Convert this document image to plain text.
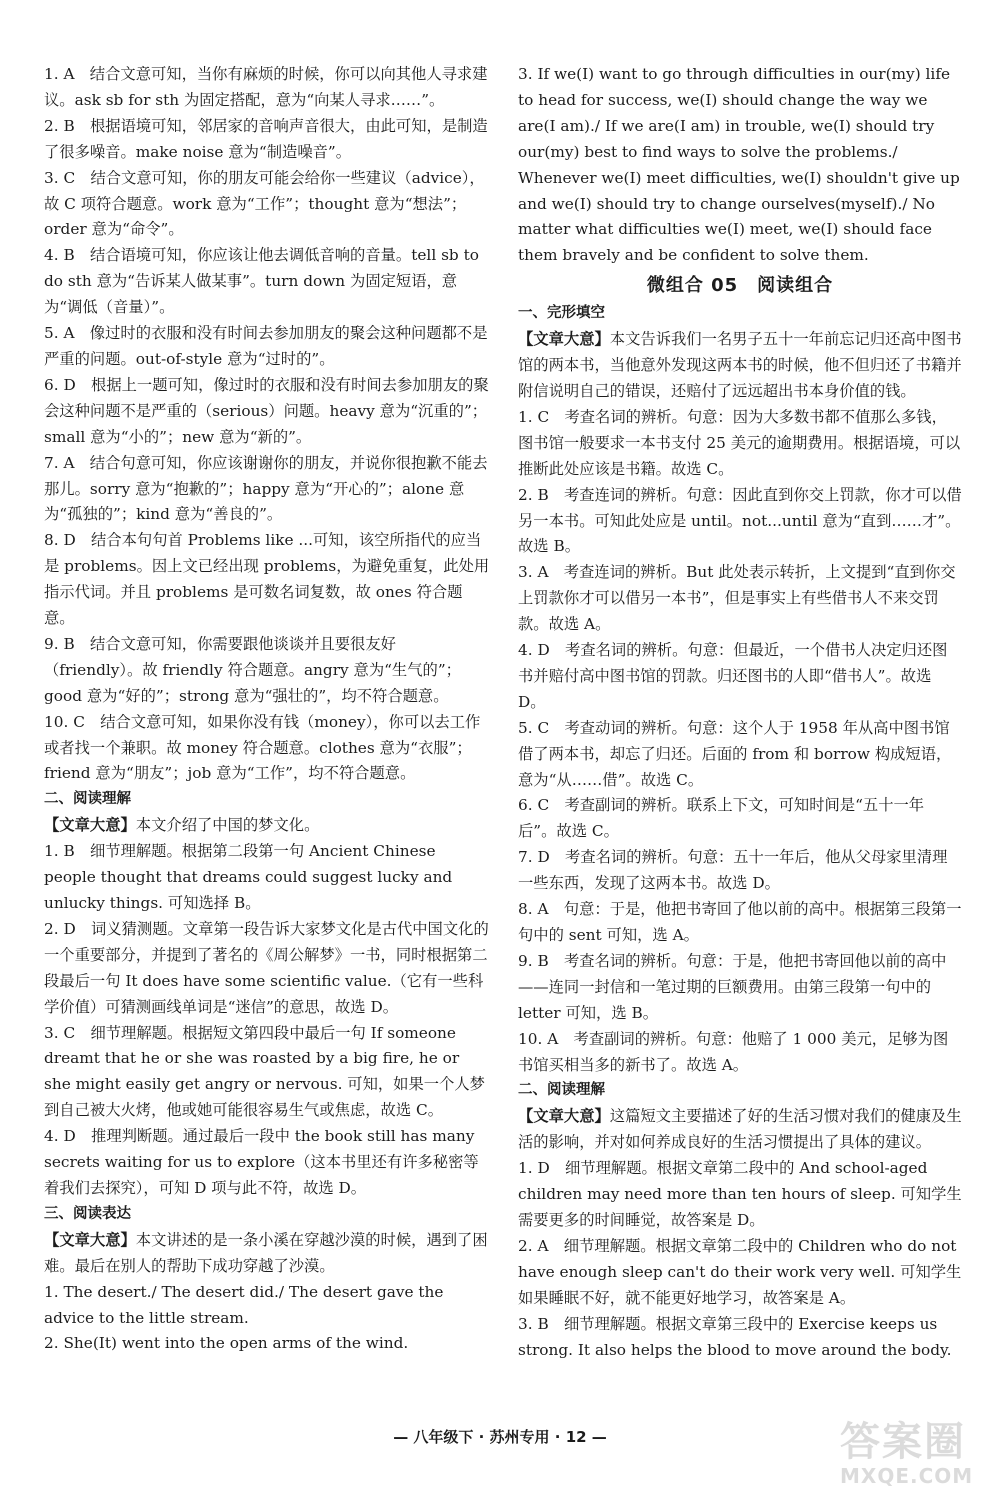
1. A　结合文意可知，当你有麻烦的时候，你可以向其他人寻求建议。ask sb for sth 为固定搭配，意为“向某人寻求……”。

2. B　根据语境可知，邻居家的音响声音很大，由此可知，是制造了很多噪音。make noise 意为“制造噪音”。

3. C　结合文意可知，你的朋友可能会给你一些建议（advice），故 C 项符合题意。work 意为“工作”；thought 意为“想法”；order 意为“命令”。

4. B　结合语境可知，你应该让他去调低音响的音量。tell sb to do sth 意为“告诉某人做某事”。turn down 为固定短语，意为“调低（音量）”。

5. A　像过时的衣服和没有时间去参加朋友的聚会这种问题都不是严重的问题。out-of-style 意为“过时的”。

6. D　根据上一题可知，像过时的衣服和没有时间去参加朋友的聚会这种问题不是严重的（serious）问题。heavy 意为“沉重的”；small 意为“小的”；new 意为“新的”。

7. A　结合句意可知，你应该谢谢你的朋友，并说你很抱歉不能去那儿。sorry 意为“抱歉的”；happy 意为“开心的”；alone 意为“孤独的”；kind 意为“善良的”。

8. D　结合本句句首 Problems like ...可知，该空所指代的应当是 problems。因上文已经出现 problems，为避免重复，此处用指示代词。并且 problems 是可数名词复数，故 ones 符合题意。

9. B　结合文意可知，你需要跟他谈谈并且要很友好（friendly）。故 friendly 符合题意。angry 意为“生气的”；good 意为“好的”；strong 意为“强壮的”，均不符合题意。

10. C　结合文意可知，如果你没有钱（money），你可以去工作或者找一个兼职。故 money 符合题意。clothes 意为“衣服”；friend 意为“朋友”；job 意为“工作”，均不符合题意。

二、阅读理解

【文章大意】本文介绍了中国的梦文化。

1. B　细节理解题。根据第二段第一句 Ancient Chinese people thought that dreams could suggest lucky and unlucky things. 可知选择 B。

2. D　词义猜测题。文章第一段告诉大家梦文化是古代中国文化的一个重要部分，并提到了著名的《周公解梦》一书，同时根据第二段最后一句 It does have some scientific value.（它有一些科学价值）可猜测画线单词是“迷信”的意思，故选 D。

3. C　细节理解题。根据短文第四段中最后一句 If someone dreamt that he or she was roasted by a big fire, he or she might easily get angry or nervous. 可知，如果一个人梦到自己被大火烤，他或她可能很容易生气或焦虑，故选 C。

4. D　推理判断题。通过最后一段中 the book still has many secrets waiting for us to explore（这本书里还有许多秘密等着我们去探究），可知 D 项与此不符，故选 D。

三、阅读表达

【文章大意】本文讲述的是一条小溪在穿越沙漠的时候，遇到了困难。最后在别人的帮助下成功穿越了沙漠。

1. The desert./ The desert did./ The desert gave the advice to the little stream.

2. She(It) went into the open arms of the wind.

3. If we(I) want to go through difficulties in our(my) life to head for success, we(I) should change the way we are(I am)./ If we are(I am) in trouble, we(I) should try our(my) best to find ways to solve the problems./ Whenever we(I) meet difficulties, we(I) shouldn't give up and we(I) should try to change ourselves(myself)./ No matter what difficulties we(I) meet, we(I) should face them bravely and be confident to solve them.

微组合 05　阅读组合

一、完形填空

【文章大意】本文告诉我们一名男子五十一年前忘记归还高中图书馆的两本书，当他意外发现这两本书的时候，他不但归还了书籍并附信说明自己的错误，还赔付了远远超出书本身价值的钱。

1. C　考查名词的辨析。句意：因为大多数书都不值那么多钱，图书馆一般要求一本书支付 25 美元的逾期费用。根据语境，可以推断此处应该是书籍。故选 C。

2. B　考查连词的辨析。句意：因此直到你交上罚款，你才可以借另一本书。可知此处应是 until。not...until 意为“直到……才”。故选 B。

3. A　考查连词的辨析。But 此处表示转折，上文提到“直到你交上罚款你才可以借另一本书”，但是事实上有些借书人不来交罚款。故选 A。

4. D　考查名词的辨析。句意：但最近，一个借书人决定归还图书并赔付高中图书馆的罚款。归还图书的人即“借书人”。故选 D。

5. C　考查动词的辨析。句意：这个人于 1958 年从高中图书馆借了两本书，却忘了归还。后面的 from 和 borrow 构成短语，意为“从……借”。故选 C。

6. C　考查副词的辨析。联系上下文，可知时间是“五十一年后”。故选 C。

7. D　考查名词的辨析。句意：五十一年后，他从父母家里清理一些东西，发现了这两本书。故选 D。

8. A　句意：于是，他把书寄回了他以前的高中。根据第三段第一句中的 sent 可知，选 A。

9. B　考查名词的辨析。句意：于是，他把书寄回他以前的高中——连同一封信和一笔过期的巨额费用。由第三段第一句中的 letter 可知，选 B。

10. A　考查副词的辨析。句意：他赔了 1 000 美元，足够为图书馆买相当多的新书了。故选 A。

二、阅读理解

【文章大意】这篇短文主要描述了好的生活习惯对我们的健康及生活的影响，并对如何养成良好的生活习惯提出了具体的建议。

1. D　细节理解题。根据文章第二段中的 And school-aged children may need more than ten hours of sleep. 可知学生需要更多的时间睡觉，故答案是 D。

2. A　细节理解题。根据文章第二段中的 Children who do not have enough sleep can't do their work very well. 可知学生如果睡眠不好，就不能更好地学习，故答案是 A。

3. B　细节理解题。根据文章第三段中的 Exercise keeps us strong. It also helps the blood to move around the body.

— 八年级下 · 苏州专用 · 12 —	答案圈
MXQE.COM
